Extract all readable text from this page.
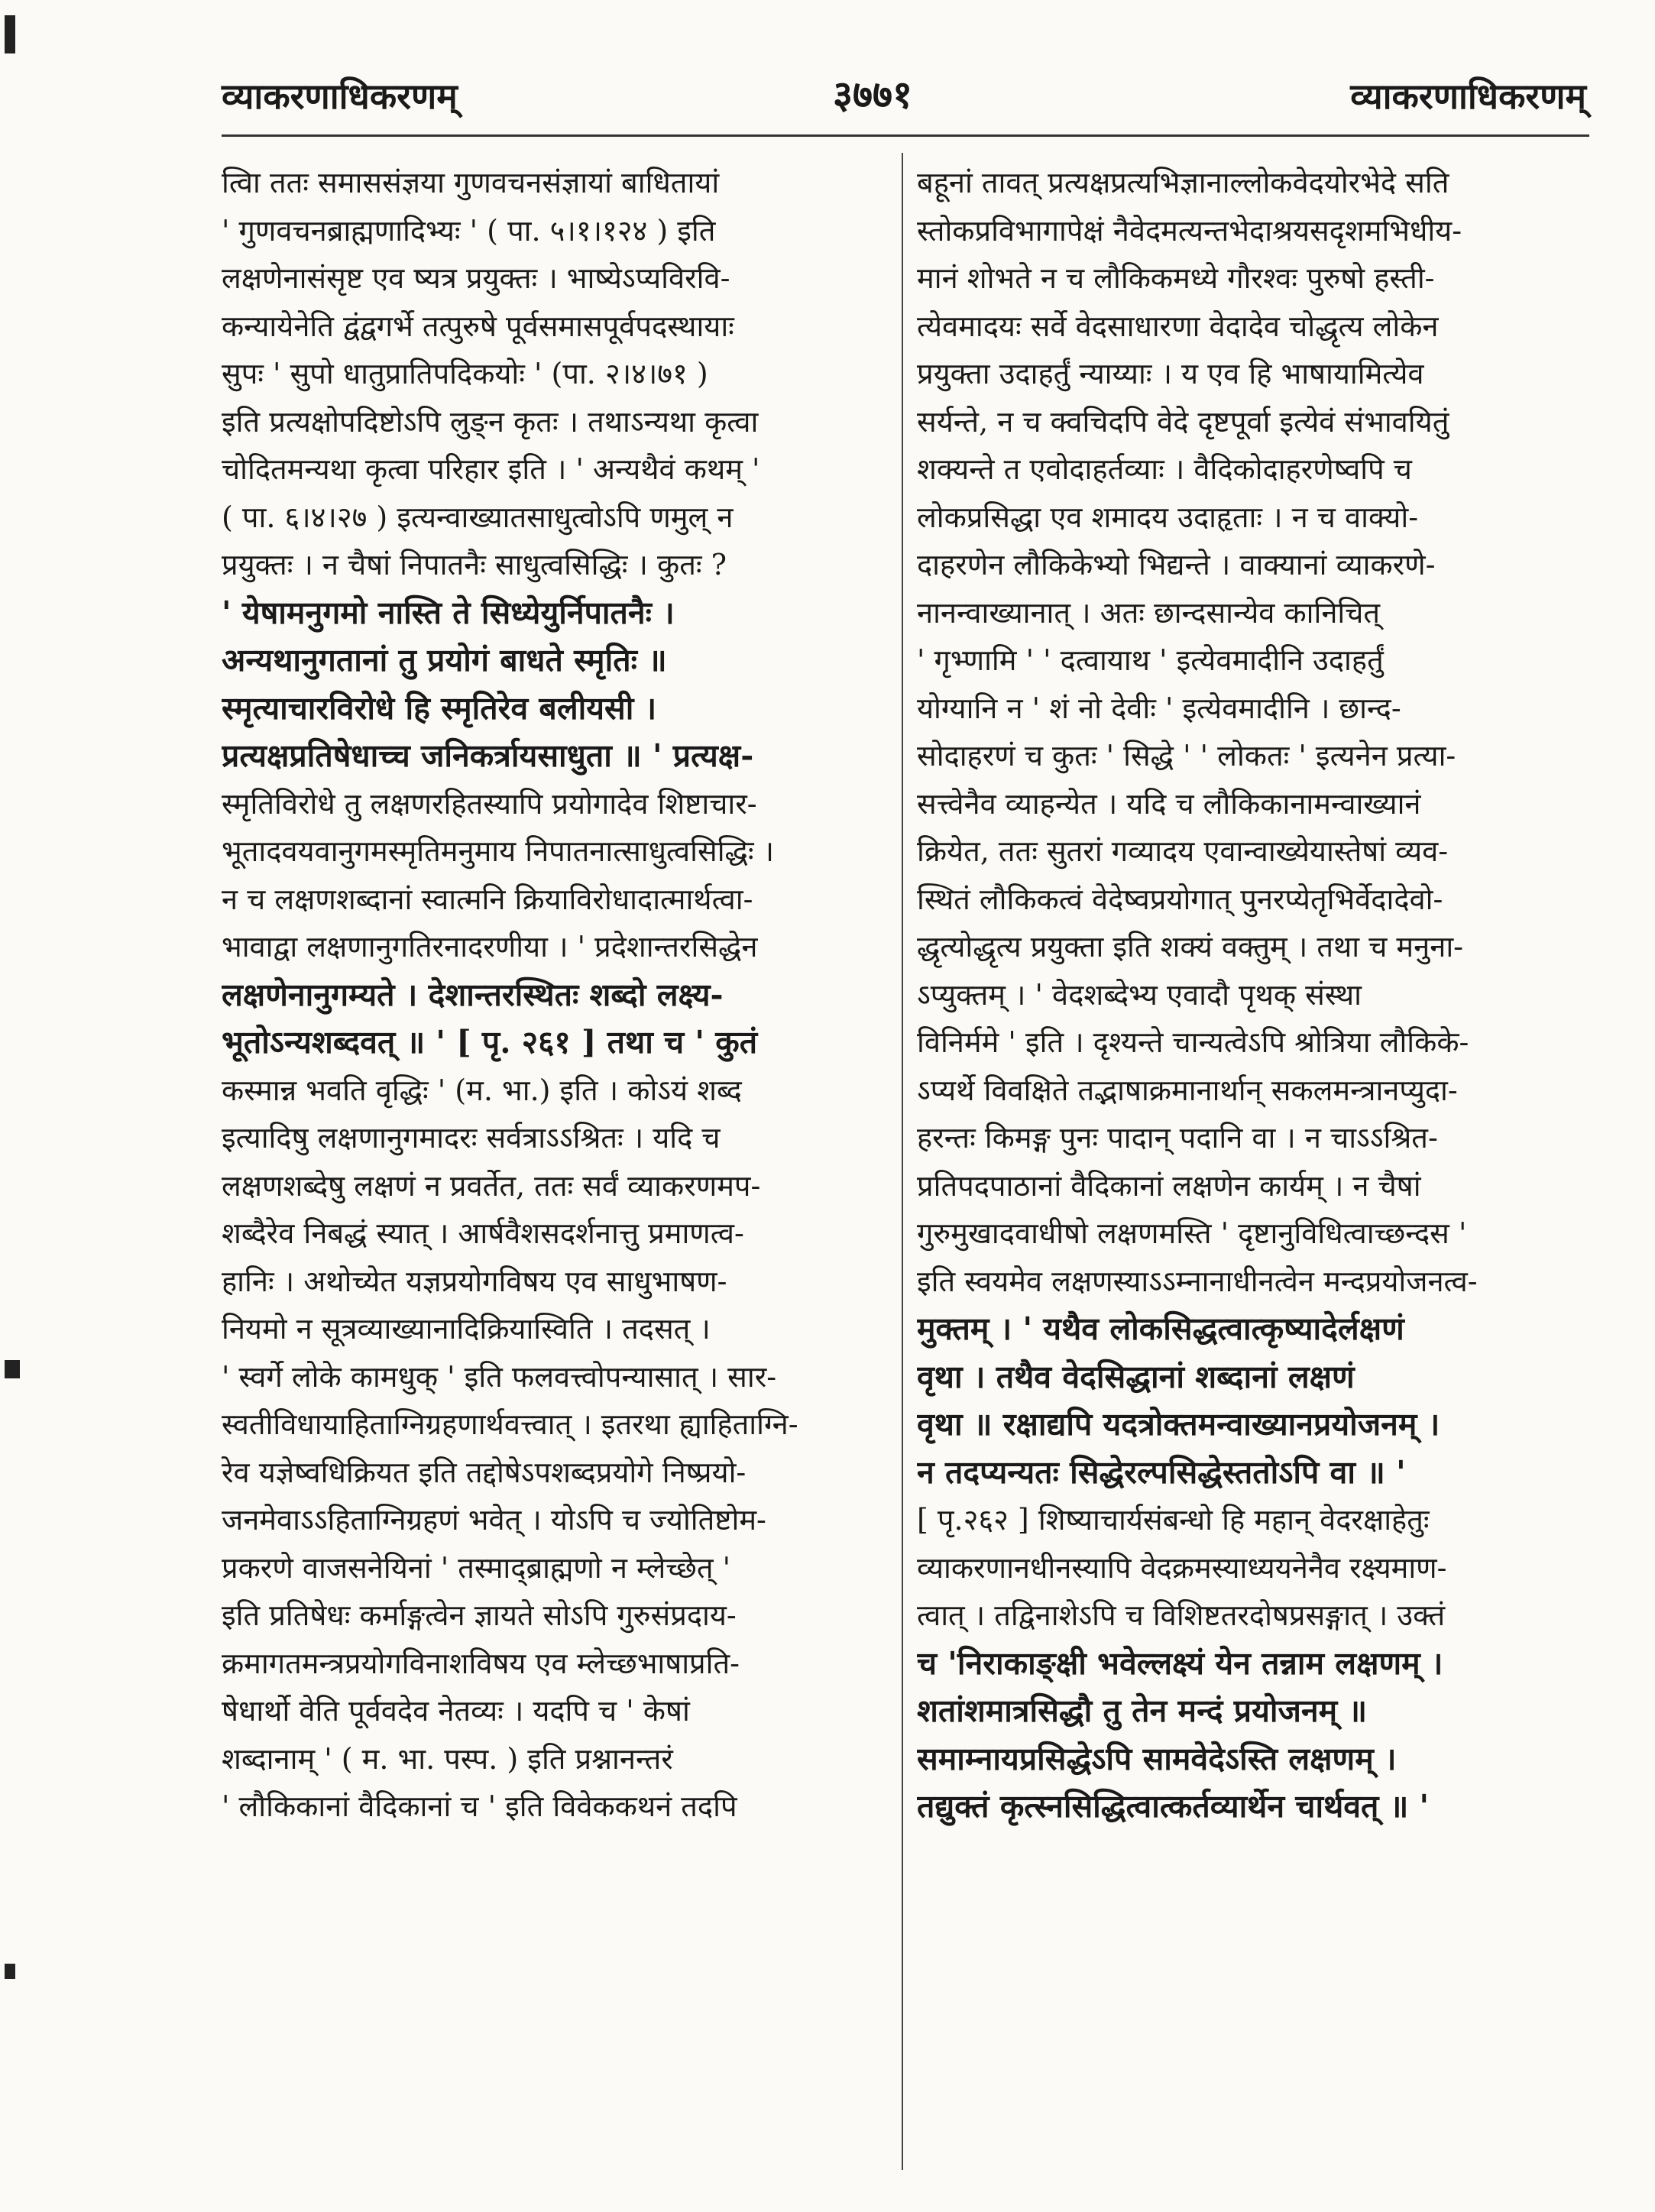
व्याकरणाधिकरणम्	३७७१	व्याकरणाधिकरणम्
त्विा ततः समाससंज्ञया गुणवचनसंज्ञायां बाधितायां
' गुणवचनब्राह्मणादिभ्यः ' ( पा. ५।१।१२४ ) इति
लक्षणेनासंसृष्ट एव ष्यत्र प्रयुक्तः । भाष्येऽप्यविरवि-
कन्यायेनेति द्वंद्वगर्भे तत्पुरुषे पूर्वसमासपूर्वपदस्थायाः
सुपः ' सुपो धातुप्रातिपदिकयोः ' (पा. २।४।७१ )
इति प्रत्यक्षोपदिष्टोऽपि लुङ्न कृतः । तथाऽन्यथा कृत्वा
चोदितमन्यथा कृत्वा परिहार इति । ' अन्यथैवं कथम् '
( पा. ६।४।२७ ) इत्यन्वाख्यातसाधुत्वोऽपि णमुल् न
प्रयुक्तः । न चैषां निपातनैः साधुत्वसिद्धिः । कुतः ?
' येषामनुगमो नास्ति ते सिध्येयुर्निपातनैः ।
अन्यथानुगतानां तु प्रयोगं बाधते स्मृतिः ॥
स्मृत्याचारविरोधे हि स्मृतिरेव बलीयसी ।
प्रत्यक्षप्रतिषेधाच्च जनिकर्त्रायसाधुता ॥ ' प्रत्यक्ष-
स्मृतिविरोधे तु लक्षणरहितस्यापि प्रयोगादेव शिष्टाचार-
भूतादवयवानुगमस्मृतिमनुमाय निपातनात्साधुत्वसिद्धिः ।
न च लक्षणशब्दानां स्वात्मनि क्रियाविरोधादात्मार्थत्वा-
भावाद्वा लक्षणानुगतिरनादरणीया । ' प्रदेशान्तरसिद्धेन
लक्षणेनानुगम्यते । देशान्तरस्थितः शब्दो लक्ष्य-
भूतोऽन्यशब्दवत् ॥ ' [ पृ. २६१ ] तथा च ' कुतं
कस्मान्न भवति वृद्धिः ' (म. भा.) इति । कोऽयं शब्द
इत्यादिषु लक्षणानुगमादरः सर्वत्राऽऽश्रितः । यदि च
लक्षणशब्देषु लक्षणं न प्रवर्तेत, ततः सर्वं व्याकरणमप-
शब्दैरेव निबद्धं स्यात् । आर्षवैशसदर्शनात्तु प्रमाणत्व-
हानिः । अथोच्येत यज्ञप्रयोगविषय एव साधुभाषण-
नियमो न सूत्रव्याख्यानादिक्रियास्विति । तदसत् ।
' स्वर्गे लोके कामधुक् ' इति फलवत्त्वोपन्यासात् । सार-
स्वतीविधायाहिताग्निग्रहणार्थवत्त्वात् । इतरथा ह्याहिताग्नि-
रेव यज्ञेष्वधिक्रियत इति तद्दोषेऽपशब्दप्रयोगे निष्प्रयो-
जनमेवाऽऽहिताग्निग्रहणं भवेत् । योऽपि च ज्योतिष्टोम-
प्रकरणे वाजसनेयिनां ' तस्माद्ब्राह्मणो न म्लेच्छेत् '
इति प्रतिषेधः कर्माङ्गत्वेन ज्ञायते सोऽपि गुरुसंप्रदाय-
क्रमागतमन्त्रप्रयोगविनाशविषय एव म्लेच्छभाषाप्रति-
षेधार्थो वेति पूर्ववदेव नेतव्यः । यदपि च ' केषां
शब्दानाम् ' ( म. भा. पस्प. ) इति प्रश्नानन्तरं
' लौकिकानां वैदिकानां च ' इति विवेककथनं तदपि
बहूनां तावत् प्रत्यक्षप्रत्यभिज्ञानाल्लोकवेदयोरभेदे सति
स्तोकप्रविभागापेक्षं नैवेदमत्यन्तभेदाश्रयसदृशमभिधीय-
मानं शोभते न च लौकिकमध्ये गौरश्वः पुरुषो हस्ती-
त्येवमादयः सर्वे वेदसाधारणा वेदादेव चोद्धृत्य लोकेन
प्रयुक्ता उदाहर्तुं न्याय्याः । य एव हि भाषायामित्येव
सर्यन्ते, न च क्वचिदपि वेदे दृष्टपूर्वा इत्येवं संभावयितुं
शक्यन्ते त एवोदाहर्तव्याः । वैदिकोदाहरणेष्वपि च
लोकप्रसिद्धा एव शमादय उदाहृताः । न च वाक्यो-
दाहरणेन लौकिकेभ्यो भिद्यन्ते । वाक्यानां व्याकरणे-
नानन्वाख्यानात् । अतः छान्दसान्येव कानिचित्
' गृभ्णामि ' ' दत्वायाथ ' इत्येवमादीनि उदाहर्तुं
योग्यानि न ' शं नो देवीः ' इत्येवमादीनि । छान्द-
सोदाहरणं च कुतः ' सिद्धे ' ' लोकतः ' इत्यनेन प्रत्या-
सत्त्वेनैव व्याहन्येत । यदि च लौकिकानामन्वाख्यानं
क्रियेत, ततः सुतरां गव्यादय एवान्वाख्येयास्तेषां व्यव-
स्थितं लौकिकत्वं वेदेष्वप्रयोगात् पुनरप्येतृभिर्वेदादेवो-
द्धृत्योद्धृत्य प्रयुक्ता इति शक्यं वक्तुम् । तथा च मनुना-
ऽप्युक्तम् । ' वेदशब्देभ्य एवादौ पृथक् संस्था
विनिर्ममे ' इति । दृश्यन्ते चान्यत्वेऽपि श्रोत्रिया लौकिके-
ऽप्यर्थे विवक्षिते तद्भाषाक्रमानार्थान् सकलमन्त्रानप्युदा-
हरन्तः किमङ्ग पुनः पादान् पदानि वा । न चाऽऽश्रित-
प्रतिपदपाठानां वैदिकानां लक्षणेन कार्यम् । न चैषां
गुरुमुखादवाधीषो लक्षणमस्ति ' दृष्टानुविधित्वाच्छन्दस '
इति स्वयमेव लक्षणस्याऽऽम्नानाधीनत्वेन मन्दप्रयोजनत्व-
मुक्तम् । ' यथैव लोकसिद्धत्वात्कृष्यादेर्लक्षणं
वृथा । तथैव वेदसिद्धानां शब्दानां लक्षणं
वृथा ॥ रक्षाद्यपि यदत्रोक्तमन्वाख्यानप्रयोजनम् ।
न तदप्यन्यतः सिद्धेरल्पसिद्धेस्ततोऽपि वा ॥ '
[ पृ.२६२ ] शिष्याचार्यसंबन्धो हि महान् वेदरक्षाहेतुः
व्याकरणानधीनस्यापि वेदक्रमस्याध्ययनेनैव रक्ष्यमाण-
त्वात् । तद्विनाशेऽपि च विशिष्टतरदोषप्रसङ्गात् । उक्तं
च 'निराकाङ्क्षी भवेल्लक्ष्यं येन तन्नाम लक्षणम् ।
शतांशमात्रसिद्धौ तु तेन मन्दं प्रयोजनम् ॥
समाम्नायप्रसिद्धेऽपि सामवेदेऽस्ति लक्षणम् ।
तद्युक्तं कृत्स्नसिद्धित्वात्कर्तव्यार्थेन चार्थवत् ॥ '
